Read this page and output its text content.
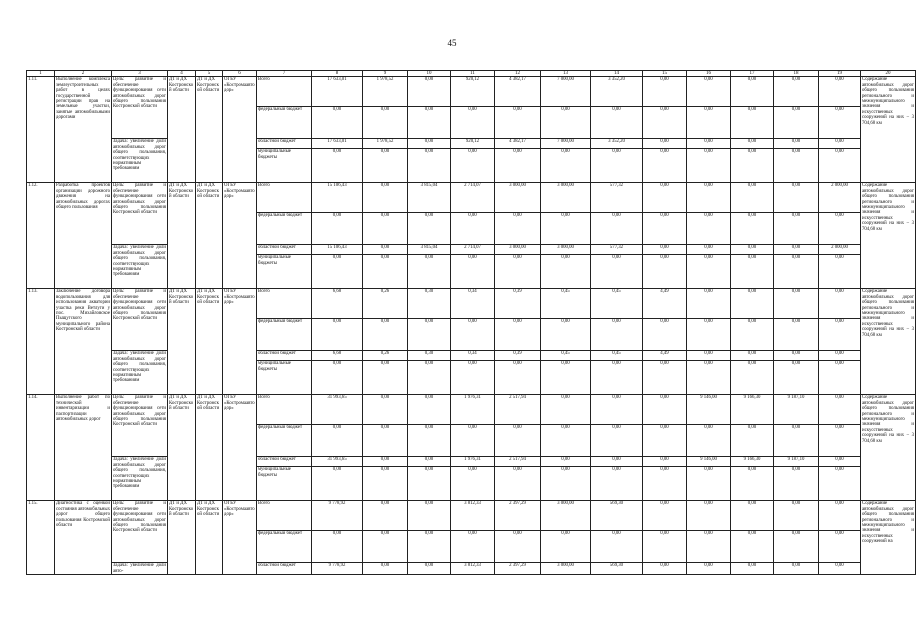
45
1	2	3	4	5	6	7	8	9	10	11	12	13	14	15	16	17	18	19	20
1.11.	Выполнение комплекса землеустроительных работ в целях государственной регистрации прав на земельные участки, занятые автомобильными дорогами	Цель: развитие и обеспечение функционирования сети автомобильных дорог общего пользования Костромской области	ДТ и ДХ Костромской области	ДТ и ДХ Костромской области	ОГБУ «Костромаавтодор»	Всего	17 633,01	1 978,52	0,00	920,12	4 382,17	7 000,00	3 352,20	0,00	0,00	0,00	0,00	0,00	Содержание автомобильных дорог общего пользования регионального и межмуниципального значения и искусственных сооружений на них – 3 704,68 км
						федеральный бюджет	0,00	0,00	0,00	0,00	0,00	0,00	0,00	0,00	0,00	0,00	0,00	0,00	
		Задача: увеличение доли автомобильных дорог общего пользования, соответствующих нормативным требованиям				областной бюджет	17 633,01	1 978,52	0,00	920,12	4 382,17	7 000,00	3 352,20	0,00	0,00	0,00	0,00	0,00	
						муниципальные бюджеты	0,00	0,00	0,00	0,00	0,00	0,00	0,00	0,00	0,00	0,00	0,00	0,00	
1.12.	Разработка проектов организации дорожного движения на автомобильных дорогах общего пользования	Цель: развитие и обеспечение функционирования сети автомобильных дорог общего пользования Костромской области	ДТ и ДХ Костромской области	ДТ и ДХ Костромской области	ОГБУ «Костромаавтодор»	Всего	15 106,43	0,00	3 815,04	2 714,07	3 000,00	3 000,00	577,32	0,00	0,00	0,00	0,00	2 000,00	Содержание автомобильных дорог общего пользования регионального и межмуниципального значения и искусственных сооружений на них – 3 704,68 км
						федеральный бюджет	0,00	0,00	0,00	0,00	0,00	0,00	0,00	0,00	0,00	0,00	0,00	0,00	
		Задача: увеличение доли автомобильных дорог общего пользования, соответствующих нормативным требованиям				областной бюджет	15 106,43	0,00	3 815,04	2 714,07	3 000,00	3 000,00	577,32	0,00	0,00	0,00	0,00	2 000,00	
						муниципальные бюджеты	0,00	0,00	0,00	0,00	0,00	0,00	0,00	0,00	0,00	0,00	0,00	0,00	
1.13.	Заключение договора водопользования для использования акватории участка реки Ветлуги у пос. Михайловское Пыщугского муниципального района Костромской области	Цель: развитие и обеспечение функционирования сети автомобильных дорог общего пользования Костромской области	ДТ и ДХ Костромской области	ДТ и ДХ Костромской области	ОГБУ «Костромаавтодор»	Всего	6,68	0,26	0,30	0,34	0,39	0,45	0,45	4,49	0,00	0,00	0,00	0,00	Содержание автомобильных дорог общего пользования регионального и межмуниципального значения и искусственных сооружений на них – 3 704,68 км
						федеральный бюджет	0,00	0,00	0,00	0,00	0,00	0,00	0,00	0,00	0,00	0,00	0,00	0,00	
		Задача: увеличение доли автомобильных дорог общего пользования, соответствующих нормативным требованиям				областной бюджет	6,68	0,26	0,30	0,34	0,39	0,45	0,45	4,49	0,00	0,00	0,00	0,00	
						муниципальные бюджеты	0,00	0,00	0,00	0,00	0,00	0,00	0,00	0,00	0,00	0,00	0,00	0,00	
1.14.	Выполнение работ по технической инвентаризации и паспортизации автомобильных дорог	Цель: развитие и обеспечение функционирования сети автомобильных дорог общего пользования Костромской области	ДТ и ДХ Костромской области	ДТ и ДХ Костромской области	ОГБУ «Костромаавтодор»	Всего	31 993,65	0,00	0,00	1 976,31	2 517,94	0,00	0,00	0,00	9 146,00	9 166,30	9 187,10	0,00	Содержание автомобильных дорог общего пользования регионального и межмуниципального значения и искусственных сооружений на них – 3 704,68 км
						федеральный бюджет	0,00	0,00	0,00	0,00	0,00	0,00	0,00	0,00	0,00	0,00	0,00	0,00	
		Задача: увеличение доли автомобильных дорог общего пользования, соответствующих нормативным требованиям				областной бюджет	31 993,65	0,00	0,00	1 976,31	2 517,94	0,00	0,00	0,00	9 146,00	9 166,30	9 187,10	0,00	
						муниципальные бюджеты	0,00	0,00	0,00	0,00	0,00	0,00	0,00	0,00	0,00	0,00	0,00	0,00	
1.15.	Диагностика с оценкой состояния автомобильных дорог общего пользования Костромской области	Цель: развитие и обеспечение функционирования сети автомобильных дорог общего пользования Костромской области	ДТ и ДХ Костромской области	ДТ и ДХ Костромской области	ОГБУ «Костромаавтодор»	Всего	9 778,92	0,00	0,00	3 812,33	2 397,29	3 000,00	569,30	0,00	0,00	0,00	0,00	0,00	Содержание автомобильных дорог общего пользования регионального и межмуниципального значения и искусственных сооружений на
						федеральный бюджет	0,00	0,00	0,00	0,00	0,00	0,00	0,00	0,00	0,00	0,00	0,00	0,00	
		Задача: увеличение доли авто-				областной бюджет	9 778,92	0,00	0,00	3 812,33	2 397,29	3 000,00	569,30	0,00	0,00	0,00	0,00	0,00	
